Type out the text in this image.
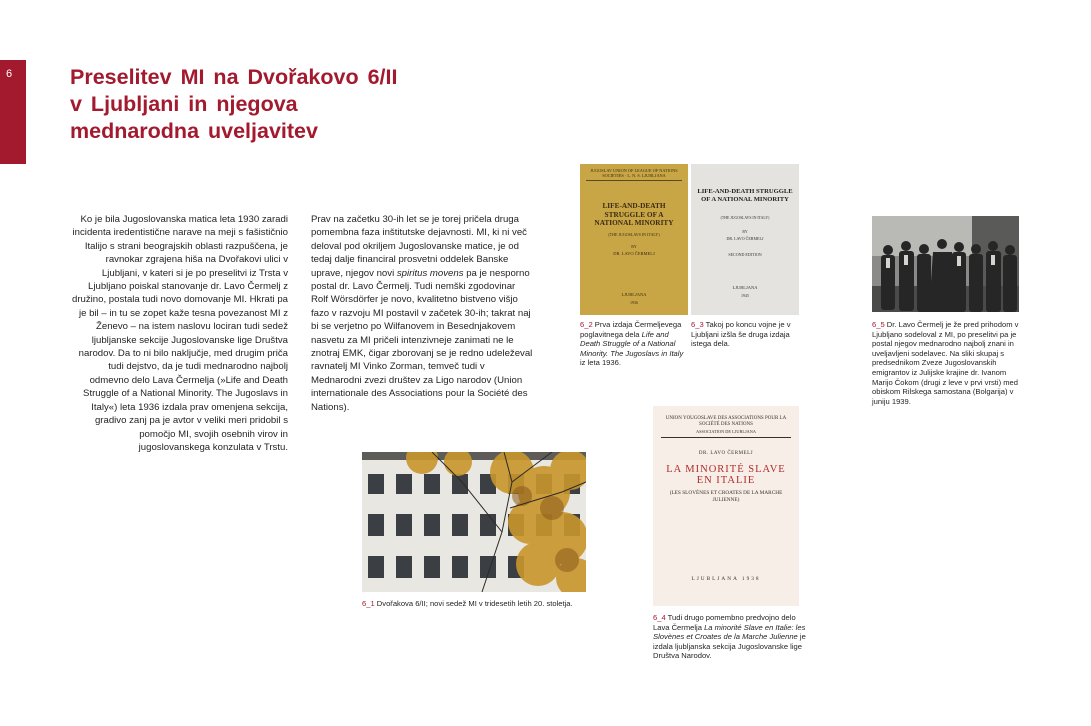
6	Preselitev MI na Dvořakovo 6/II v Ljubljani in njegova mednarodna uveljavitev

Ko je bila Jugoslovanska matica leta 1930 zaradi incidenta iredentistične narave na meji s fašističnio Italijo s strani beograjskih oblasti razpuščena, je ravnokar zgrajena hiša na Dvořakovi ulici v Ljubljani, v kateri si je po preselitvi iz Trsta v Ljubljano poiskal stanovanje dr. Lavo Čermelj z družino, postala tudi novo domovanje MI. Hkrati pa je bil – in tu se zopet kaže tesna povezanost MI z Ženevo – na istem naslovu lociran tudi sedež ljubljanske sekcije Jugoslovanske lige Društva narodov. Da to ni bilo naključje, med drugim priča tudi dejstvo, da je tudi mednarodno najbolj odmevno delo Lava Čermelja (»Life and Death Struggle of a National Minority. The Jugoslavs in Italy«) leta 1936 izdala prav omenjena sekcija, gradivo zanj pa je avtor v veliki meri pridobil s pomočjo MI, svojih osebnih virov in jugoslovanskega konzulata v Trstu.

Prav na začetku 30-ih let se je torej pričela druga pomembna faza inštitutske dejavnosti. MI, ki ni več deloval pod okriljem Jugoslovanske matice, je od tedaj dalje financiral prosvetni oddelek Banske uprave, njegov novi spiritus movens pa je nesporno postal dr. Lavo Čermelj. Tudi nemški zgodovinar Rolf Wörsdörfer je novo, kvalitetno bistveno višjo fazo v razvoju MI postavil v začetek 30-ih; takrat naj bi se verjetno po Wilfanovem in Besednjakovem nasvetu za MI pričeli intenzivneje zanimati ne le znotraj EMK, čigar zborovanj se je redno udeleževal ravnatelj MI Vinko Zorman, temveč tudi v Mednarodni zvezi društev za Ligo narodov (Union internationale des Associations pour la Société des Nations).

JUGOSLAV UNION OF LEAGUE OF NATIONS SOCIETIES · L. N. S. LJUBLJANA
LIFE-AND-DEATH STRUGGLE OF A NATIONAL MINORITY
(THE JUGOSLAVS IN ITALY)
BY
DR. LAVO ČERMELJ
LJUBLJANA
1936

6_2 Prva izdaja Čermeljevega poglavitnega dela Life and Death Struggle of a National Minority. The Jugoslavs in Italy iz leta 1936.

LIFE-AND-DEATH STRUGGLE OF A NATIONAL MINORITY
(THE JUGOSLAVS IN ITALY)
BY
DR. LAVO ČERMELJ
SECOND EDITION
LJUBLJANA
1945

6_3 Takoj po koncu vojne je v Ljubljani izšla še druga izdaja istega dela.

6_5 Dr. Lavo Čermelj je že pred prihodom v Ljubljano sodeloval z MI, po preselitvi pa je postal njegov mednarodno najbolj znani in uveljavljeni sodelavec. Na sliki skupaj s predsednikom Zveze Jugoslovanskih emigrantov iz Julijske krajine dr. Ivanom Marijo Čokom (drugi z leve v prvi vrsti) med obiskom Rilskega samostana (Bolgarija) v juniju 1939.

6_1 Dvořakova 6/II; novi sedež MI v tridesetih letih 20. stoletja.

UNION YOUGOSLAVE DES ASSOCIATIONS POUR LA SOCIÉTÉ DES NATIONS
ASSOCIATION DE LJUBLJANA
DR. LAVO ČERMELJ
LA MINORITÉ SLAVE EN ITALIE
(LES SLOVÈNES ET CROATES DE LA MARCHE JULIENNE)
LJUBLJANA 1938

6_4 Tudi drugo pomembno predvojno delo Lava Čermelja La minorité Slave en Italie: les Slovènes et Croates de la Marche Julienne je izdala ljubljanska sekcija Jugoslovanske lige Društva Narodov.
